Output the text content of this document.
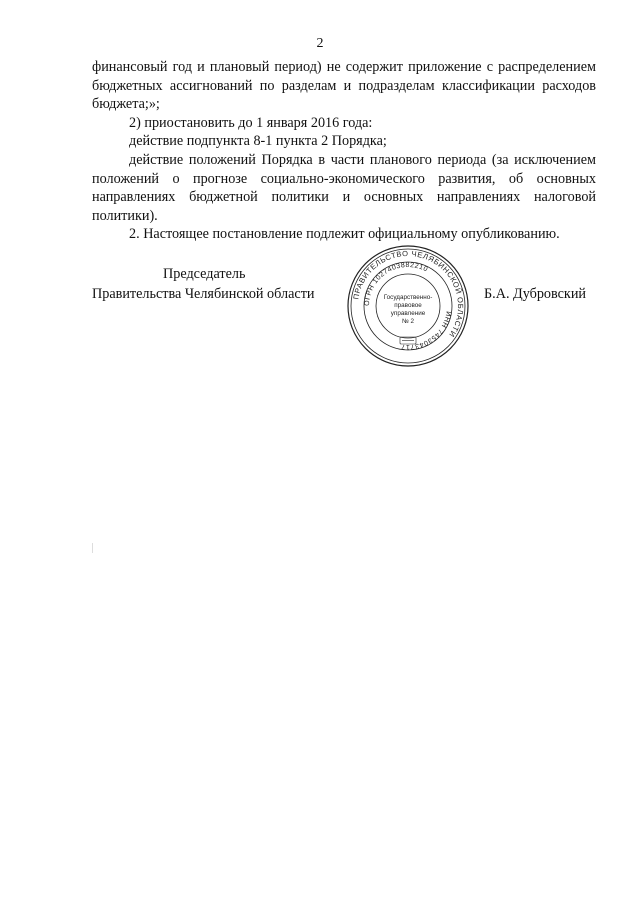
2

финансовый год и плановый период) не содержит приложение с распределением бюджетных ассигнований по разделам и подразделам классификации расходов бюджета;»;

2) приостановить до 1 января 2016 года:

действие подпункта 8-1 пункта 2 Порядка;

действие положений Порядка в части планового периода (за исключением положений о прогнозе социально-экономического развития, об основных направлениях бюджетной политики и основных направлениях налоговой политики).

2. Настоящее постановление подлежит официальному опубликованию.

Председатель
Правительства Челябинской области	Б.А. Дубровский
ПРАВИТЕЛЬСТВО ЧЕЛЯБИНСКОЙ ОБЛАСТИ
ОГРН 1027403882210
ИНН 7453043717
Государственно-
правовое
управление
№ 2
